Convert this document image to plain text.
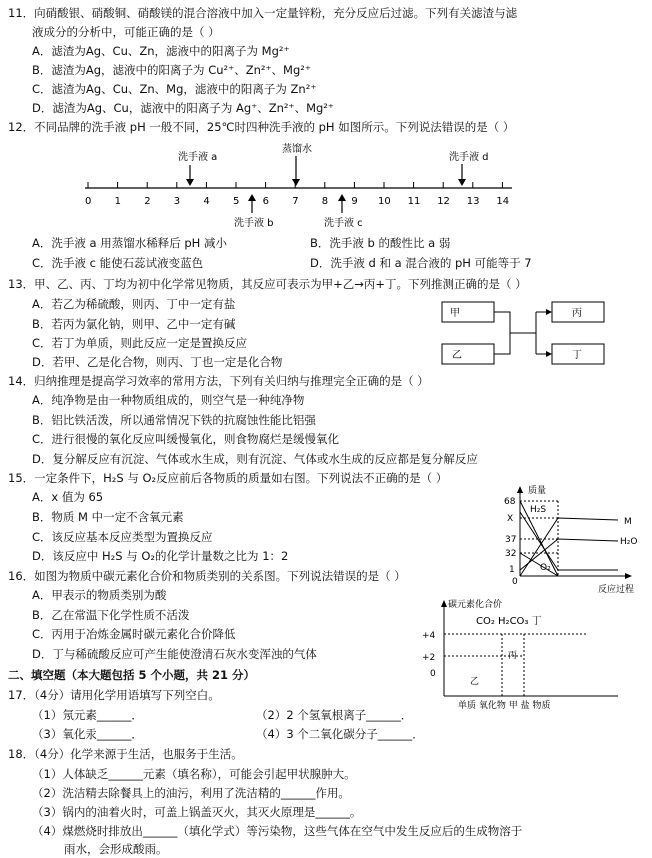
11．向硝酸银、硝酸铜、硝酸镁的混合溶液中加入一定量锌粉，充分反应后过滤。下列有关滤渣与滤
液成分的分析中，可能正确的是（ ）
A．滤渣为Ag、Cu、Zn，滤液中的阳离子为 Mg²⁺
B．滤渣为Ag，滤液中的阳离子为 Cu²⁺、Zn²⁺、Mg²⁺
C．滤渣为Ag、Cu、Zn、Mg，滤液中的阳离子为 Zn²⁺
D．滤渣为Ag、Cu，滤液中的阳离子为 Ag⁺、Zn²⁺、Mg²⁺
12．不同品牌的洗手液 pH 一般不同，25℃时四种洗手液的 pH 如图所示。下列说法错误的是（ ）
0 1 2 3 4 5 6 7 8 9 10 11 12 13 14
洗手液 a
蒸馏水
洗手液 d
洗手液 b	洗手液 c
A．洗手液 a 用蒸馏水稀释后 pH 减小	B．洗手液 b 的酸性比 a 弱
C．洗手液 c 能使石蕊试液变蓝色	D．洗手液 d 和 a 混合液的 pH 可能等于 7
13．甲、乙、丙、丁均为初中化学常见物质，其反应可表示为甲+乙→丙+丁。下列推测正确的是（ ）
A．若乙为稀硫酸，则丙、丁中一定有盐
B．若丙为氯化钠，则甲、乙中一定有碱
C．若丁为单质，则此反应一定是置换反应
D．若甲、乙是化合物，则丙、丁也一定是化合物
甲
乙
丙
丁
14．归纳推理是提高学习效率的常用方法，下列有关归纳与推理完全正确的是（ ）
A．纯净物是由一种物质组成的，则空气是一种纯净物
B．铝比铁活泼，所以通常情况下铁的抗腐蚀性能比铝强
C．进行很慢的氧化反应叫缓慢氧化，则食物腐烂是缓慢氧化
D．复分解反应有沉淀、气体或水生成，则有沉淀、气体或水生成的反应都是复分解反应
15．一定条件下，H₂S 与 O₂反应前后各物质的质量如右图。下列说法不正确的是（ ）
A．x 值为 65
B．物质 M 中一定不含氧元素
C．该反应基本反应类型为置换反应
D．该反应中 H₂S 与 O₂的化学计量数之比为 1：2
质量
反应过程
68
X
37
32
1
0
H₂S
M
H₂O
O₂
16．如图为物质中碳元素化合价和物质类别的关系图。下列说法错误的是（ ）
A．甲表示的物质类别为酸
B．乙在常温下化学性质不活泼
C．丙用于冶炼金属时碳元素化合价降低
D．丁与稀硫酸反应可产生能使澄清石灰水变浑浊的气体
碳元素化合价
CO₂ H₂CO₃ 丁
+4
+2
0
丙
乙
单质 氧化物 甲 盐 物质
二、填空题（本大题包括 5 个小题，共 21 分）
17．（4分）请用化学用语填写下列空白。
（1）氖元素______．	（2）2 个氢氧根离子______．
（3）氧化汞______．	（4）3 个二氧化碳分子______．
18．（4分）化学来源于生活，也服务于生活。
（1）人体缺乏______元素（填名称），可能会引起甲状腺肿大。
（2）洗洁精去除餐具上的油污，利用了洗洁精的______作用。
（3）锅内的油着火时，可盖上锅盖灭火，其灭火原理是______。
（4）煤燃烧时排放出______（填化学式）等污染物，这些气体在空气中发生反应后的生成物溶于
雨水，会形成酸雨。
